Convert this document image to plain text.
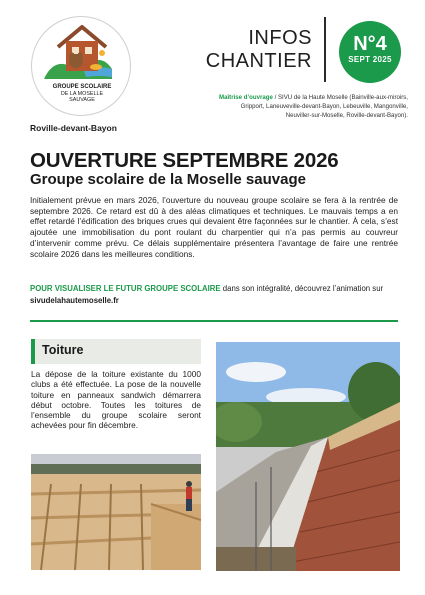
GROUPE SCOLAIRE
DE LA MOSELLE
SAUVAGE
Roville-devant-Bayon
INFOS
CHANTIER
N°4
SEPT 2025
Maîtrise d’ouvrage / SIVU de la Haute Moselle (Bainville-aux-miroirs,
Gripport, Laneuveville-devant-Bayon, Lebeuville, Mangonville,
Neuviller-sur-Moselle, Roville-devant-Bayon).
OUVERTURE SEPTEMBRE 2026
Groupe scolaire de la Moselle sauvage

Initialement prévue en mars 2026, l’ouverture du nouveau groupe scolaire se fera à la rentrée de septembre 2026. Ce retard est dû à des aléas climatiques et techniques. Le mauvais temps a en effet retardé l’édification des briques crues qui devaient être façonnées sur le chantier. À cela, s’est ajoutée une immobilisation du pont roulant du charpentier qui n’a pas permis au couvreur d’intervenir comme prévu. Ce délais supplémentaire présentera l’avantage de faire une rentrée scolaire 2026 dans les meilleures conditions.

POUR VISUALISER LE FUTUR GROUPE SCOLAIRE dans son intégralité, découvrez l’animation sur sivudelahautemoselle.fr

Toiture

La dépose de la toiture existante du 1000 clubs a été effectuée. La pose de la nouvelle toiture en panneaux sandwich démarrera début octobre. Toutes les toitures de l’ensemble du groupe scolaire seront achevées pour fin décembre.
